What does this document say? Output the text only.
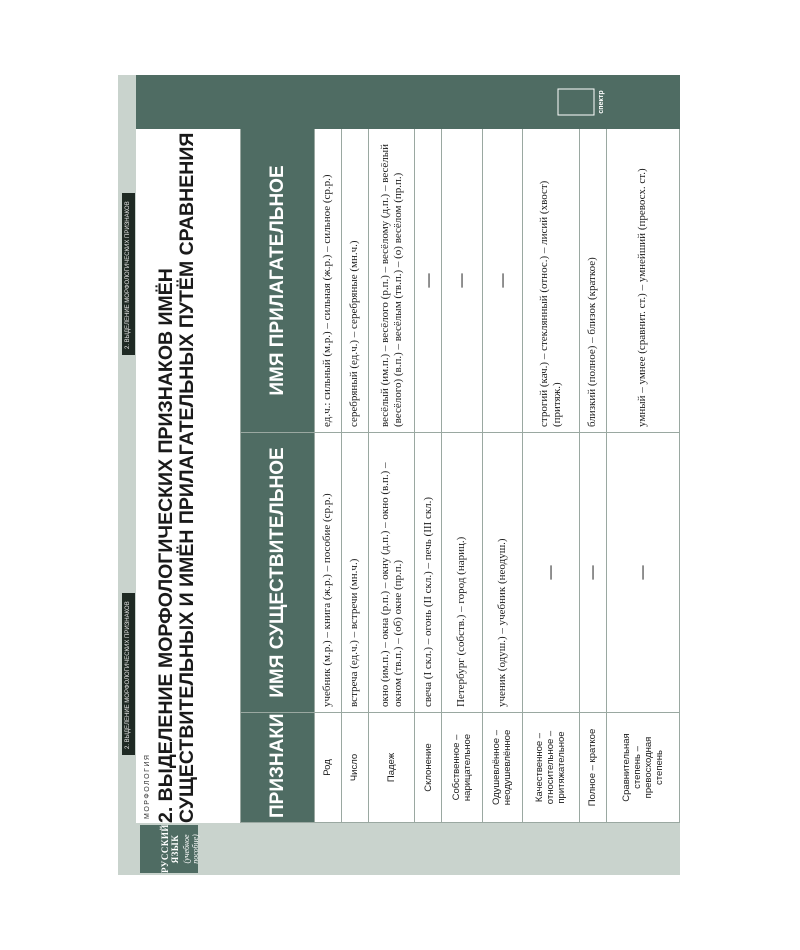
2. ВЫДЕЛЕНИЕ МОРФОЛОГИЧЕСКИХ ПРИЗНАКОВ
2. ВЫДЕЛЕНИЕ МОРФОЛОГИЧЕСКИХ ПРИЗНАКОВ
РУССКИЙ ЯЗЫК (учебное пособие)
МОРФОЛОГИЯ 2. ВЫДЕЛЕНИЕ МОРФОЛОГИЧЕСКИХ ПРИЗНАКОВ ИМЁН СУЩЕСТВИТЕЛЬНЫХ И ИМЁН ПРИЛАГАТЕЛЬНЫХ ПУТЁМ СРАВНЕНИЯ	ПРИЗНАКИ	ИМЯ СУЩЕСТВИТЕЛЬНОЕ	ИМЯ ПРИЛАГАТЕЛЬНОЕ
Род	учебник (м.р.) – книга (ж.р.) – пособие (ср.р.)	ед.ч.: сильный (м.р.) – сильная (ж.р.) – сильное (ср.р.)
Число	встреча (ед.ч.) – встречи (мн.ч.)	серебряный (ед.ч.) – серебряные (мн.ч.)
Падеж	окно (им.п.) – окна (р.п.) – окну (д.п.) – окно (в.п.) – окном (тв.п.) – (об) окне (пр.п.)	весёлый (им.п.) – весёлого (р.п.) – весёлому (д.п.) – весёлый (весёлого) (в.п.) – весёлым (тв.п.) – (о) весёлом (пр.п.)
Склонение	свеча (I скл.) – огонь (II скл.) – печь (III скл.)	—
Собственное – нарицательное	Петербург (собств.) – город (нариц.)	—
Одушевлённое – неодушевлённое	ученик (одуш.) – учебник (неодуш.)	—
Качественное – относительное – притяжательное	—	строгий (кач.) – стеклянный (относ.) – лисий (хвост) (притяж.)
Полное – краткое	—	близкий (полное) – близок (краткое)
Сравнительная степень – превосходная степень	—	умный – умнее (сравнит. ст.) – умнейший (превосх. ст.)
спектр
